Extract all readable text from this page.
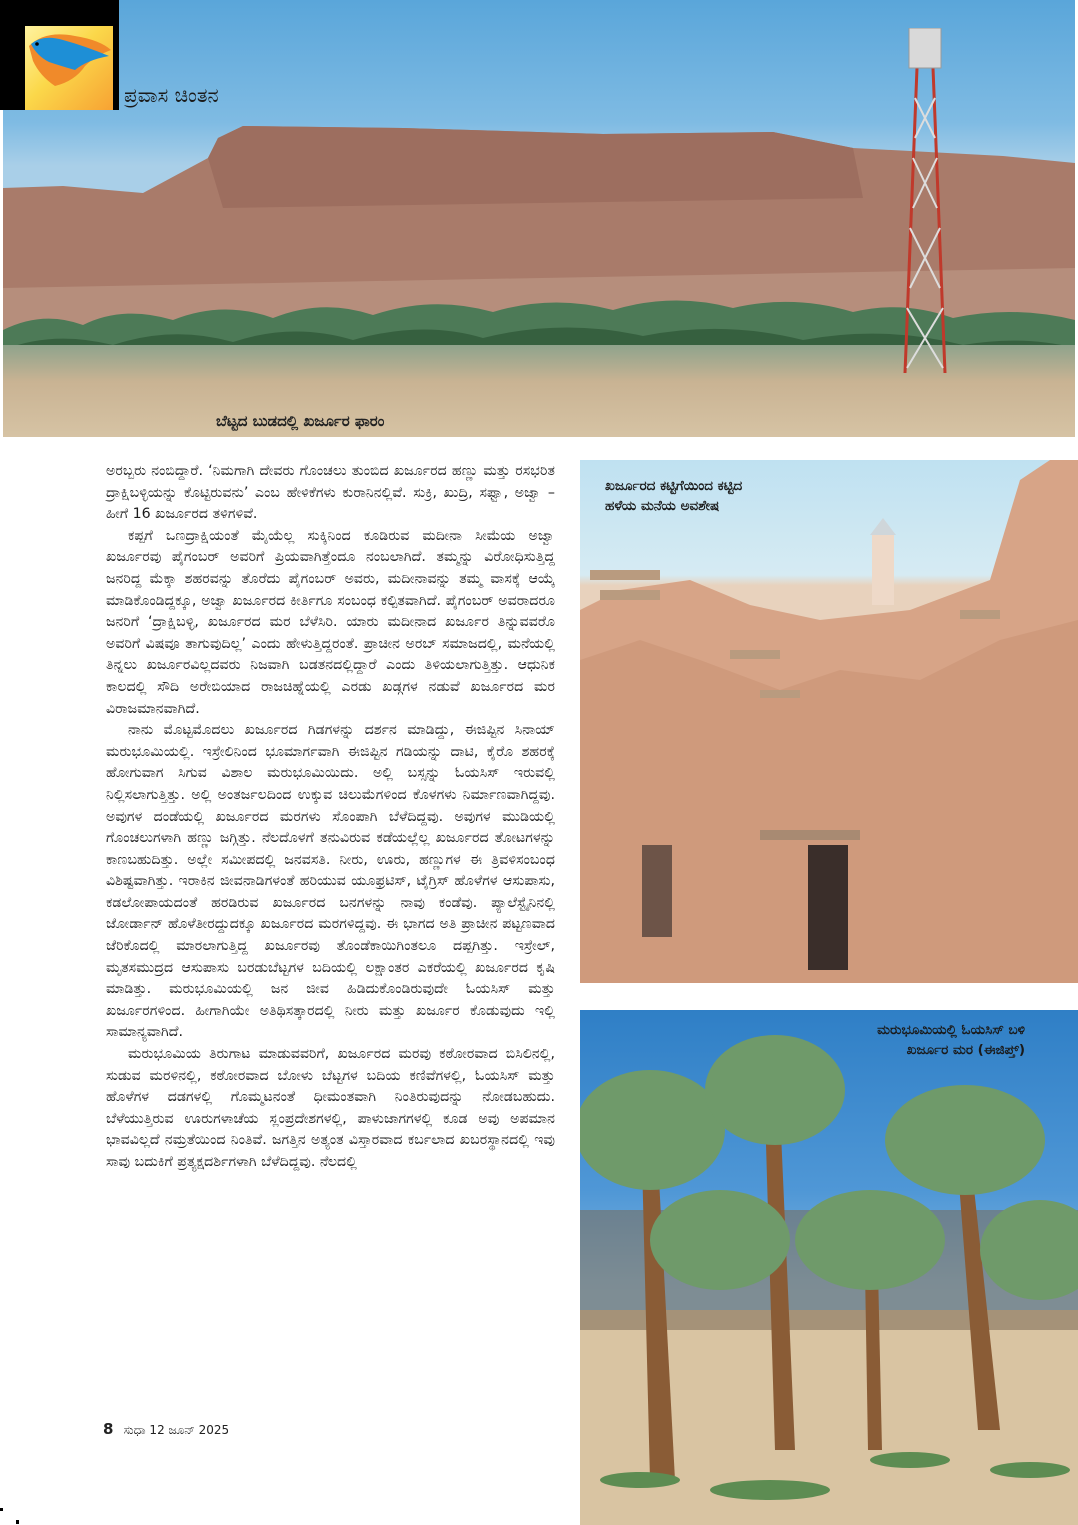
ಬೆಟ್ಟದ ಬುಡದಲ್ಲಿ ಖರ್ಜೂರ ಫಾರಂ
ಪ್ರವಾಸ ಚಿಂತನ

ಅರಬ್ಬರು ನಂಬಿದ್ದಾರೆ. ‘ನಿಮಗಾಗಿ ದೇವರು ಗೊಂಚಲು ತುಂಬಿದ ಖರ್ಜೂರದ ಹಣ್ಣು ಮತ್ತು ರಸಭರಿತ ದ್ರಾಕ್ಷಿಬಳ್ಳಿಯನ್ನು ಕೊಟ್ಟಿರುವನು’ ಎಂಬ ಹೇಳಿಕೆಗಳು ಕುರಾನಿನಲ್ಲಿವೆ. ಸುಕ್ರಿ, ಖುದ್ರಿ, ಸಫ್ವಾ, ಅಜ್ವಾ – ಹೀಗೆ 16 ಖರ್ಜೂರದ ತಳಿಗಳಿವೆ.

ಕಪ್ಪಗೆ ಒಣದ್ರಾಕ್ಷಿಯಂತೆ ಮೈಯೆಲ್ಲ ಸುಕ್ಕಿನಿಂದ ಕೂಡಿರುವ ಮದೀನಾ ಸೀಮೆಯ ಅಜ್ವಾ ಖರ್ಜೂರವು ಪೈಗಂಬರ್ ಅವರಿಗೆ ಪ್ರಿಯವಾಗಿತ್ತೆಂದೂ ನಂಬಲಾಗಿದೆ. ತಮ್ಮನ್ನು ವಿರೋಧಿಸುತ್ತಿದ್ದ ಜನರಿದ್ದ ಮೆಕ್ಕಾ ಶಹರವನ್ನು ತೊರೆದು ಪೈಗಂಬರ್ ಅವರು, ಮದೀನಾವನ್ನು ತಮ್ಮ ವಾಸಕ್ಕೆ ಆಯ್ಕೆ ಮಾಡಿಕೊಂಡಿದ್ದಕ್ಕೂ, ಅಜ್ವಾ ಖರ್ಜೂರದ ಕೀರ್ತಿಗೂ ಸಂಬಂಧ ಕಲ್ಪಿತವಾಗಿದೆ. ಪೈಗಂಬರ್ ಅವರಾದರೂ ಜನರಿಗೆ ‘ದ್ರಾಕ್ಷಿಬಳ್ಳಿ, ಖರ್ಜೂರದ ಮರ ಬೆಳೆಸಿರಿ. ಯಾರು ಮದೀನಾದ ಖರ್ಜೂರ ತಿನ್ನುವವರೊ ಅವರಿಗೆ ವಿಷವೂ ತಾಗುವುದಿಲ್ಲ’ ಎಂದು ಹೇಳುತ್ತಿದ್ದರಂತೆ. ಪ್ರಾಚೀನ ಅರಬ್ ಸಮಾಜದಲ್ಲಿ, ಮನೆಯಲ್ಲಿ ತಿನ್ನಲು ಖರ್ಜೂರವಿಲ್ಲದವರು ನಿಜವಾಗಿ ಬಡತನದಲ್ಲಿದ್ದಾರೆ ಎಂದು ತಿಳಿಯಲಾಗುತ್ತಿತ್ತು. ಆಧುನಿಕ ಕಾಲದಲ್ಲಿ ಸೌದಿ ಅರೇಬಿಯಾದ ರಾಜಚಿಹ್ನೆಯಲ್ಲಿ ಎರಡು ಖಡ್ಗಗಳ ನಡುವೆ ಖರ್ಜೂರದ ಮರ ವಿರಾಜಮಾನವಾಗಿದೆ.

ನಾನು ಮೊಟ್ಟಮೊದಲು ಖರ್ಜೂರದ ಗಿಡಗಳನ್ನು ದರ್ಶನ ಮಾಡಿದ್ದು, ಈಜಿಪ್ಟಿನ ಸಿನಾಯ್ ಮರುಭೂಮಿಯಲ್ಲಿ. ಇಸ್ರೇಲಿನಿಂದ ಭೂಮಾರ್ಗವಾಗಿ ಈಜಿಪ್ಟಿನ ಗಡಿಯನ್ನು ದಾಟಿ, ಕೈರೊ ಶಹರಕ್ಕೆ ಹೋಗುವಾಗ ಸಿಗುವ ವಿಶಾಲ ಮರುಭೂಮಿಯಿದು. ಅಲ್ಲಿ ಬಸ್ಸನ್ನು ಓಯಸಿಸ್ ಇರುವಲ್ಲಿ ನಿಲ್ಲಿಸಲಾಗುತ್ತಿತ್ತು. ಅಲ್ಲಿ ಅಂತರ್ಜಲದಿಂದ ಉಕ್ಕುವ ಚಿಲುಮೆಗಳಿಂದ ಕೊಳಗಳು ನಿರ್ಮಾಣವಾಗಿದ್ದವು. ಅವುಗಳ ದಂಡೆಯಲ್ಲಿ ಖರ್ಜೂರದ ಮರಗಳು ಸೊಂಪಾಗಿ ಬೆಳೆದಿದ್ದವು. ಅವುಗಳ ಮುಡಿಯಲ್ಲಿ ಗೊಂಚಲುಗಳಾಗಿ ಹಣ್ಣು ಜಗ್ಗಿತ್ತು. ನೆಲದೊಳಗೆ ತನುವಿರುವ ಕಡೆಯಲ್ಲೆಲ್ಲ ಖರ್ಜೂರದ ತೋಟಗಳನ್ನು ಕಾಣಬಹುದಿತ್ತು. ಅಲ್ಲೇ ಸಮೀಪದಲ್ಲಿ ಜನವಸತಿ. ನೀರು, ಊರು, ಹಣ್ಣುಗಳ ಈ ತ್ರಿವಳಿಸಂಬಂಧ ವಿಶಿಷ್ಟವಾಗಿತ್ತು. ಇರಾಕಿನ ಜೀವನಾಡಿಗಳಂತೆ ಹರಿಯುವ ಯೂಫ್ರಟಿಸ್, ಟೈಗ್ರಿಸ್ ಹೊಳೆಗಳ ಆಸುಪಾಸು, ಕಡಲೋಪಾಯದಂತೆ ಹರಡಿರುವ ಖರ್ಜೂರದ ಬನಗಳನ್ನು ನಾವು ಕಂಡೆವು. ಪ್ಯಾಲೆಸ್ಟೈನಿನಲ್ಲಿ ಜೋರ್ಡಾನ್ ಹೊಳೆತೀರದ್ದುದಕ್ಕೂ ಖರ್ಜೂರದ ಮರಗಳಿದ್ದವು. ಈ ಭಾಗದ ಅತಿ ಪ್ರಾಚೀನ ಪಟ್ಟಣವಾದ ಜೆರಿಕೊದಲ್ಲಿ ಮಾರಲಾಗುತ್ತಿದ್ದ ಖರ್ಜೂರವು ತೊಂಡೆಕಾಯಿಗಿಂತಲೂ ದಪ್ಪಗಿತ್ತು. ಇಸ್ರೇಲ್, ಮೃತಸಮುದ್ರದ ಆಸುಪಾಸು ಬರಡುಬೆಟ್ಟಗಳ ಬದಿಯಲ್ಲಿ ಲಕ್ಷಾಂತರ ಎಕರೆಯಲ್ಲಿ ಖರ್ಜೂರದ ಕೃಷಿ ಮಾಡಿತ್ತು. ಮರುಭೂಮಿಯಲ್ಲಿ ಜನ ಜೀವ ಹಿಡಿದುಕೊಂಡಿರುವುದೇ ಓಯಸಿಸ್ ಮತ್ತು ಖರ್ಜೂರಗಳಿಂದ. ಹೀಗಾಗಿಯೇ ಅತಿಥಿಸತ್ಕಾರದಲ್ಲಿ ನೀರು ಮತ್ತು ಖರ್ಜೂರ ಕೊಡುವುದು ಇಲ್ಲಿ ಸಾಮಾನ್ಯವಾಗಿದೆ.

ಮರುಭೂಮಿಯ ತಿರುಗಾಟ ಮಾಡುವವರಿಗೆ, ಖರ್ಜೂರದ ಮರವು ಕಠೋರವಾದ ಬಿಸಿಲಿನಲ್ಲಿ, ಸುಡುವ ಮರಳಿನಲ್ಲಿ, ಕಠೋರವಾದ ಬೋಳು ಬೆಟ್ಟಗಳ ಬದಿಯ ಕಣಿವೆಗಳಲ್ಲಿ, ಓಯಸಿಸ್ ಮತ್ತು ಹೊಳೆಗಳ ದಡಗಳಲ್ಲಿ ಗೊಮ್ಮಟನಂತೆ ಧೀಮಂತವಾಗಿ ನಿಂತಿರುವುದನ್ನು ನೋಡಬಹುದು. ಬೆಳೆಯುತ್ತಿರುವ ಊರುಗಳಾಚೆಯ ಸ್ಲಂಪ್ರದೇಶಗಳಲ್ಲಿ, ಪಾಳುಜಾಗಗಳಲ್ಲಿ ಕೂಡ ಅವು ಅಪಮಾನ ಭಾವವಿಲ್ಲದೆ ನಮ್ರತೆಯಿಂದ ನಿಂತಿವೆ. ಜಗತ್ತಿನ ಅತ್ಯಂತ ವಿಸ್ತಾರವಾದ ಕರ್ಬಲಾದ ಖಬರಸ್ಥಾನದಲ್ಲಿ ಇವು ಸಾವು ಬದುಕಿಗೆ ಪ್ರತ್ಯಕ್ಷದರ್ಶಿಗಳಾಗಿ ಬೆಳೆದಿದ್ದವು. ನೆಲದಲ್ಲಿ

8 ಸುಧಾ 12 ಜೂನ್ 2025
ಖರ್ಜೂರದ ಕಟ್ಟಿಗೆಯಿಂದ ಕಟ್ಟಿದ
ಹಳೆಯ ಮನೆಯ ಅವಶೇಷ
ಮರುಭೂಮಿಯಲ್ಲಿ ಓಯಸಿಸ್ ಬಳಿ
ಖರ್ಜೂರ ಮರ (ಈಜಿಪ್ತ್)
